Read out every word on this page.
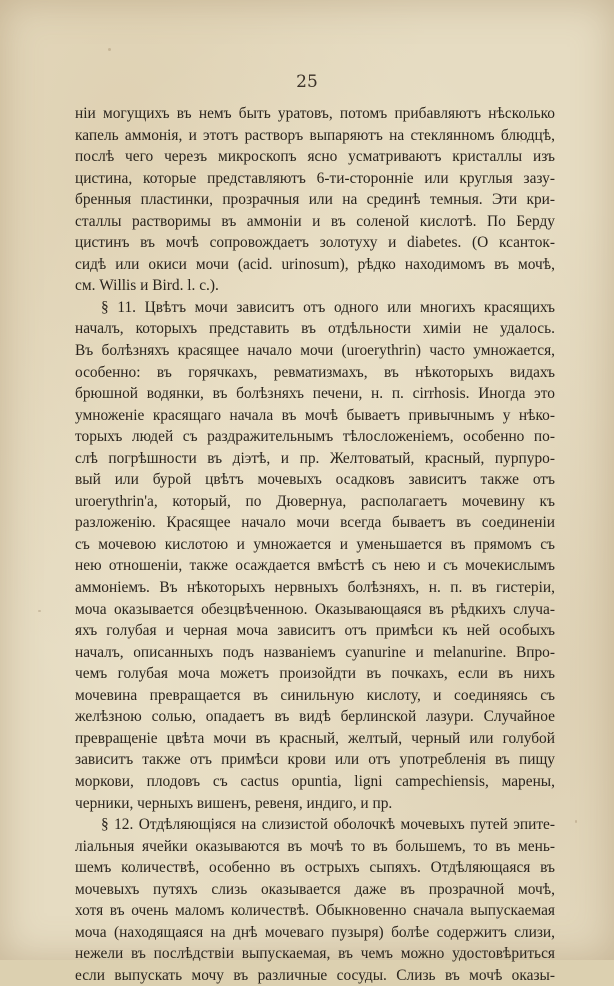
25
ніи могущихъ въ немъ быть уратовъ, потомъ прибавляютъ нѣсколько
капель аммонія, и этотъ растворъ выпаряютъ на стеклянномъ блюдцѣ,
послѣ чего черезъ микроскопъ ясно усматриваютъ кристаллы изъ
цистина, которые представляютъ 6-ти-сторонніе или круглыя зазу-
бренныя пластинки, прозрачныя или на срединѣ темныя. Эти кри-
сталлы растворимы въ аммоніи и въ соленой кислотѣ. По Берду
цистинъ въ мочѣ сопровождаетъ золотуху и diabetes. (О ксанток-
сидѣ или окиси мочи (acid. urinosum), рѣдко находимомъ въ мочѣ,
см. Willis и Bird. l. c.).
§ 11. Цвѣтъ мочи зависитъ отъ одного или многихъ красящихъ
началъ, которыхъ представить въ отдѣльности химіи не удалось.
Въ болѣзняхъ красящее начало мочи (uroerythrin) часто умножается,
особенно: въ горячкахъ, ревматизмахъ, въ нѣкоторыхъ видахъ
брюшной водянки, въ болѣзняхъ печени, н. п. cirrhosis. Иногда это
умноженіе красящаго начала въ мочѣ бываетъ привычнымъ у нѣко-
торыхъ людей съ раздражительнымъ тѣлосложеніемъ, особенно по-
слѣ погрѣшности въ діэтѣ, и пр. Желтоватый, красный, пурпуро-
вый или бурой цвѣтъ мочевыхъ осадковъ зависитъ также отъ
uroerythrin'a, который, по Дювернуа, располагаетъ мочевину къ
разложенію. Красящее начало мочи всегда бываетъ въ соединеніи
съ мочевою кислотою и умножается и уменьшается въ прямомъ съ
нею отношеніи, также осаждается вмѣстѣ съ нею и съ мочекислымъ
аммоніемъ. Въ нѣкоторыхъ нервныхъ болѣзняхъ, н. п. въ гистеріи,
моча оказывается обезцвѣченною. Оказывающаяся въ рѣдкихъ случа-
яхъ голубая и черная моча зависитъ отъ примѣси къ ней особыхъ
началъ, описанныхъ подъ названіемъ cyanurine и melanurine. Впро-
чемъ голубая моча можетъ произойдти въ почкахъ, если въ нихъ
мочевина превращается въ синильную кислоту, и соединяясь съ
желѣзною солью, опадаетъ въ видѣ берлинской лазури. Случайное
превращеніе цвѣта мочи въ красный, желтый, черный или голубой
зависитъ также отъ примѣси крови или отъ употребленія въ пищу
моркови, плодовъ съ cactus opuntia, ligni campechiensis, марены,
черники, черныхъ вишенъ, ревеня, индиго, и пр.
§ 12. Отдѣляющіяся на слизистой оболочкѣ мочевыхъ путей эпите-
ліальныя ячейки оказываются въ мочѣ то въ большемъ, то въ мень-
шемъ количествѣ, особенно въ острыхъ сыпяхъ. Отдѣляющаяся въ
мочевыхъ путяхъ слизь оказывается даже въ прозрачной мочѣ,
хотя въ очень маломъ количествѣ. Обыкновенно сначала выпускаемая
моча (находящаяся на днѣ мочеваго пузыря) болѣе содержитъ слизи,
нежели въ послѣдствіи выпускаемая, въ чемъ можно удостовѣриться
если выпускать мочу въ различные сосуды. Слизь въ мочѣ оказы-
